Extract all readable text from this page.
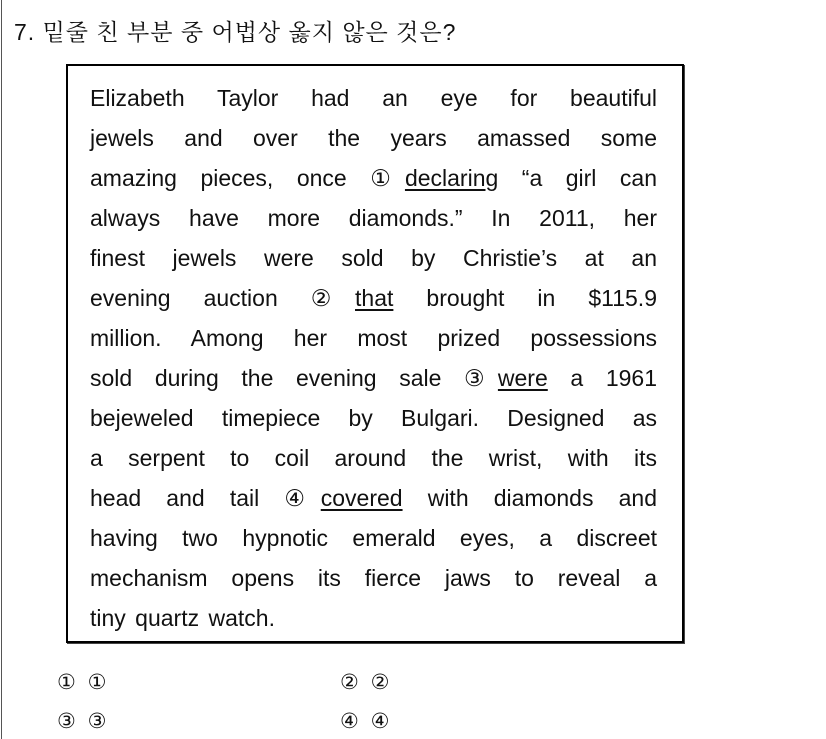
7. 밑줄 친 부분 중 어법상 옳지 않은 것은?
Elizabeth Taylor had an eye for beautiful
jewels and over the years amassed some
amazing pieces, once ①declaring “a girl can
always have more diamonds.” In 2011, her
finest jewels were sold by Christie’s at an
evening auction ②that brought in $115.9
million. Among her most prized possessions
sold during the evening sale ③were a 1961
bejeweled timepiece by Bulgari. Designed as
a serpent to coil around the wrist, with its
head and tail ④covered with diamonds and
having two hypnotic emerald eyes, a discreet
mechanism opens its fierce jaws to reveal a
tiny quartz watch.
① ①	② ②
③ ③	④ ④
